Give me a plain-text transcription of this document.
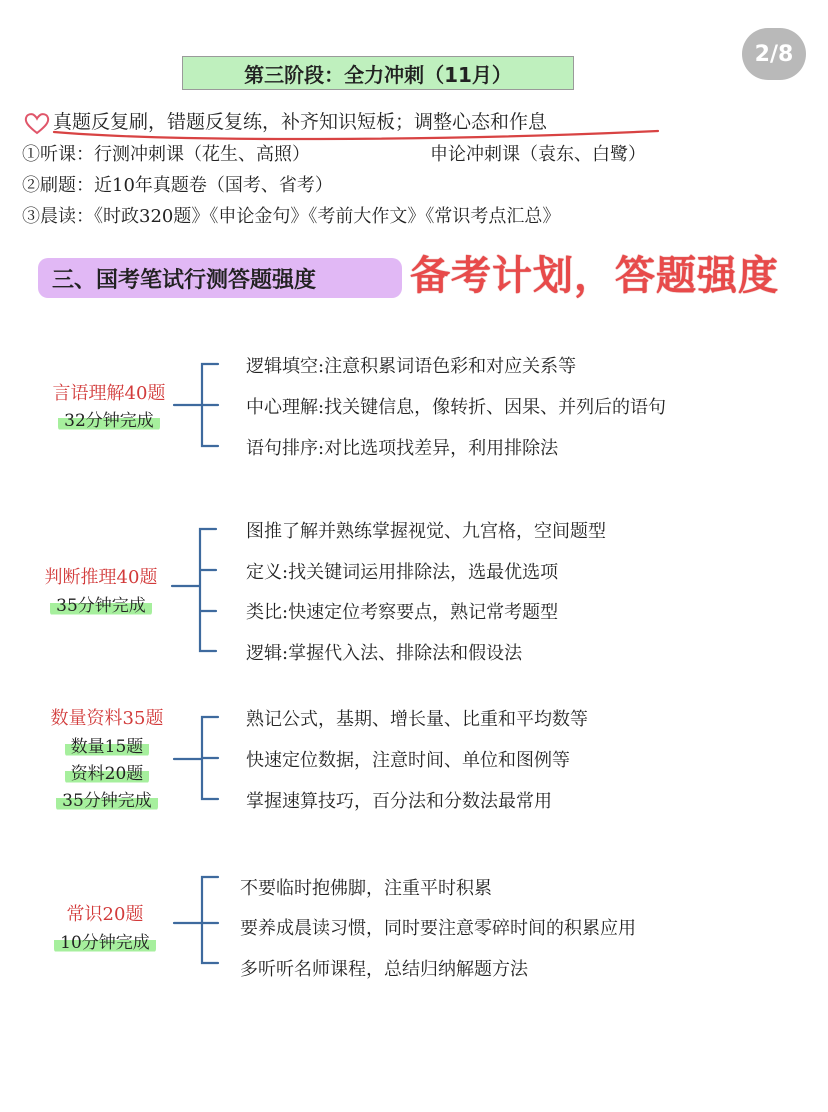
2/8
第三阶段：全力冲刺（11月）
真题反复刷，错题反复练，补齐知识短板；调整心态和作息
①听课：行测冲刺课（花生、高照）	申论冲刺课（袁东、白鹭）
②刷题：近10年真题卷（国考、省考）
③晨读：《时政320题》《申论金句》《考前大作文》《常识考点汇总》
三、国考笔试行测答题强度	备考计划，答题强度
言语理解40题
32分钟完成
逻辑填空:注意积累词语色彩和对应关系等
中心理解:找关键信息，像转折、因果、并列后的语句
语句排序:对比选项找差异，利用排除法
判断推理40题
35分钟完成
图推了解并熟练掌握视觉、九宫格，空间题型
定义:找关键词运用排除法，选最优选项
类比:快速定位考察要点，熟记常考题型
逻辑:掌握代入法、排除法和假设法
数量资料35题
数量15题
资料20题
35分钟完成
熟记公式，基期、增长量、比重和平均数等
快速定位数据，注意时间、单位和图例等
掌握速算技巧，百分法和分数法最常用
常识20题
10分钟完成
不要临时抱佛脚，注重平时积累
要养成晨读习惯，同时要注意零碎时间的积累应用
多听听名师课程，总结归纳解题方法
